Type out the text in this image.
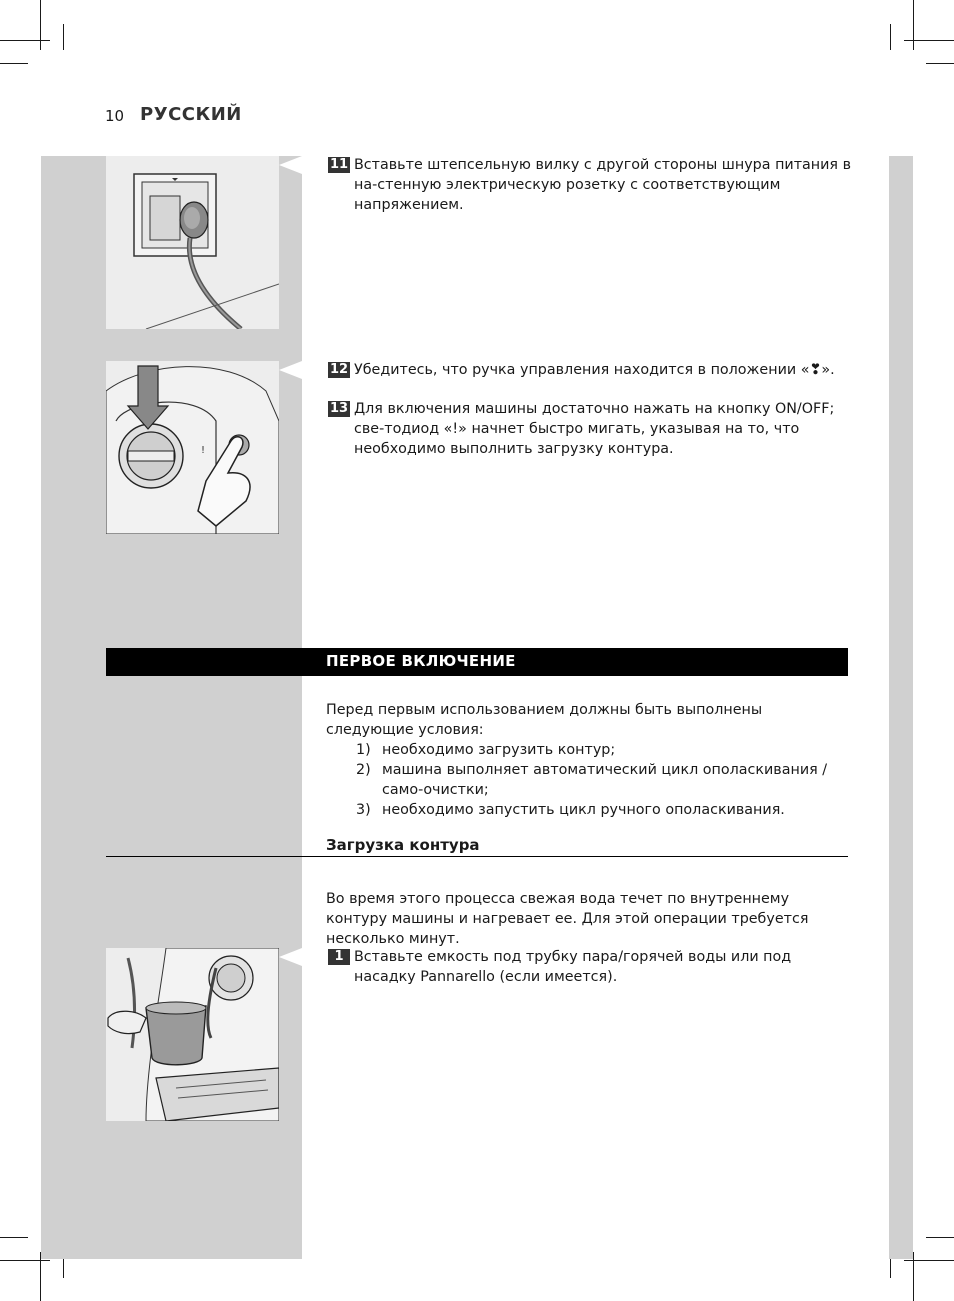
10 РУССКИЙ
!
11 Вставьте штепсельную вилку с другой стороны шнура питания в на-стенную электрическую розетку с соответствующим напряжением.
12 Убедитесь, что ручка управления находится в положении «❣».
13 Для включения машины достаточно нажать на кнопку ON/OFF; све-тодиод «!» начнет быстро мигать, указывая на то, что необходимо выполнить загрузку контура.
ПЕРВОЕ ВКЛЮЧЕНИЕ
Перед первым использованием должны быть выполнены следующие условия:
1) необходимо загрузить контур;
2) машина выполняет автоматический цикл ополаскивания /само-очистки;
3) необходимо запустить цикл ручного ополаскивания.
Загрузка контура
Во время этого процесса свежая вода течет по внутреннему контуру машины и нагревает ее. Для этой операции требуется несколько минут.
1 Вставьте емкость под трубку пара/горячей воды или под насадку Pannarello (если имеется).
